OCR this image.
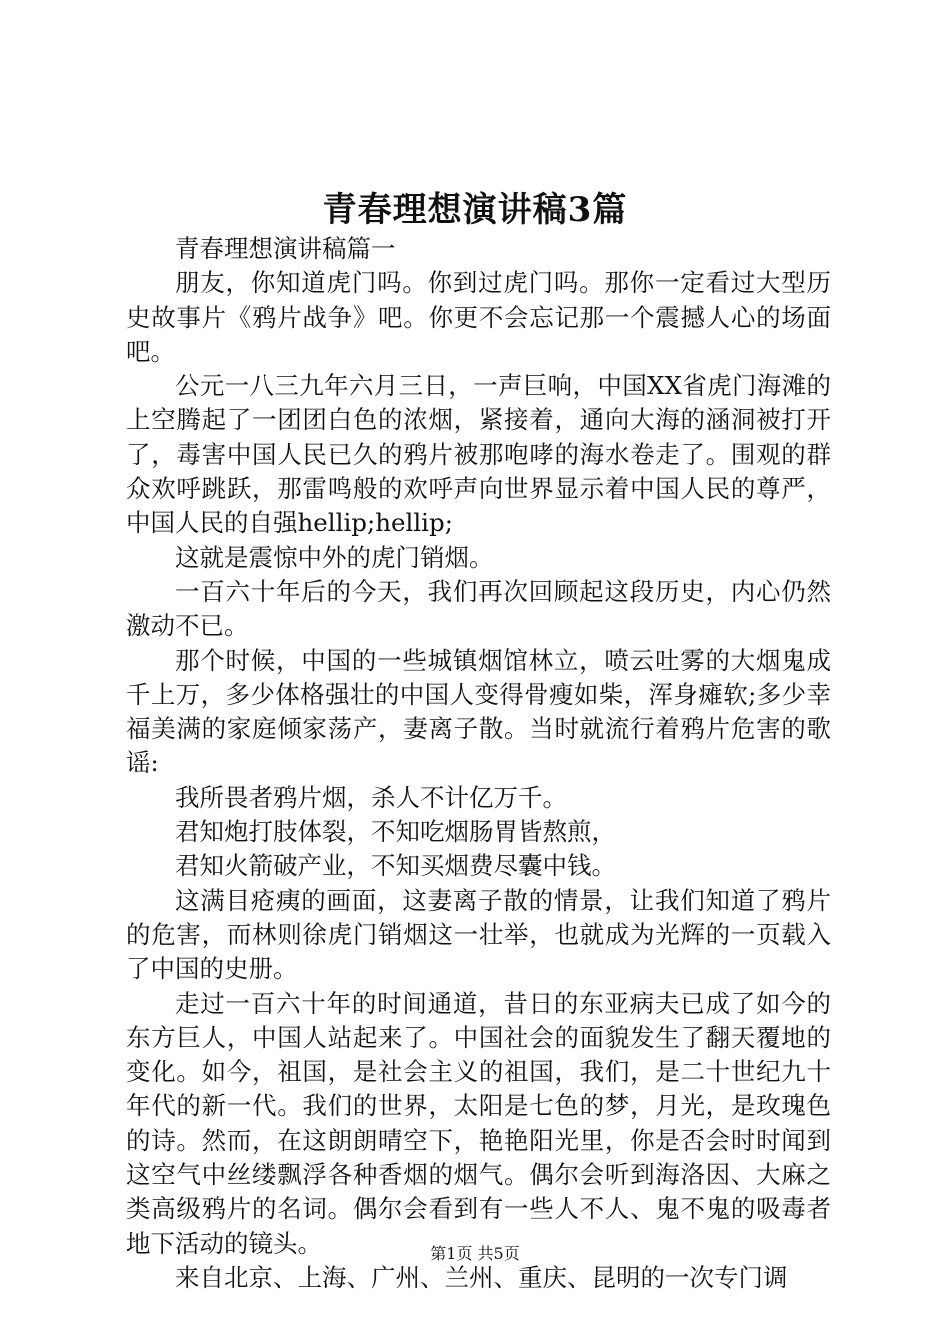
青春理想演讲稿3篇

青春理想演讲稿篇一

朋友，你知道虎门吗。你到过虎门吗。那你一定看过大型历史故事片《鸦片战争》吧。你更不会忘记那一个震撼人心的场面吧。

公元一八三九年六月三日，一声巨响，中国XX省虎门海滩的上空腾起了一团团白色的浓烟，紧接着，通向大海的涵洞被打开了，毒害中国人民已久的鸦片被那咆哮的海水卷走了。围观的群众欢呼跳跃，那雷鸣般的欢呼声向世界显示着中国人民的尊严，中国人民的自强hellip;hellip;

这就是震惊中外的虎门销烟。

一百六十年后的今天，我们再次回顾起这段历史，内心仍然激动不已。

那个时候，中国的一些城镇烟馆林立，喷云吐雾的大烟鬼成千上万，多少体格强壮的中国人变得骨瘦如柴，浑身瘫软;多少幸福美满的家庭倾家荡产，妻离子散。当时就流行着鸦片危害的歌谣:

我所畏者鸦片烟，杀人不计亿万千。

君知炮打肢体裂，不知吃烟肠胃皆熬煎，

君知火箭破产业，不知买烟费尽囊中钱。

这满目疮痍的画面，这妻离子散的情景，让我们知道了鸦片的危害，而林则徐虎门销烟这一壮举，也就成为光辉的一页载入了中国的史册。

走过一百六十年的时间通道，昔日的东亚病夫已成了如今的东方巨人，中国人站起来了。中国社会的面貌发生了翻天覆地的变化。如今，祖国，是社会主义的祖国，我们，是二十世纪九十年代的新一代。我们的世界，太阳是七色的梦，月光，是玫瑰色的诗。然而，在这朗朗晴空下，艳艳阳光里，你是否会时时闻到这空气中丝缕飘浮各种香烟的烟气。偶尔会听到海洛因、大麻之类高级鸦片的名词。偶尔会看到有一些人不人、鬼不鬼的吸毒者地下活动的镜头。

来自北京、上海、广州、兰州、重庆、昆明的一次专门调

第1页 共5页
